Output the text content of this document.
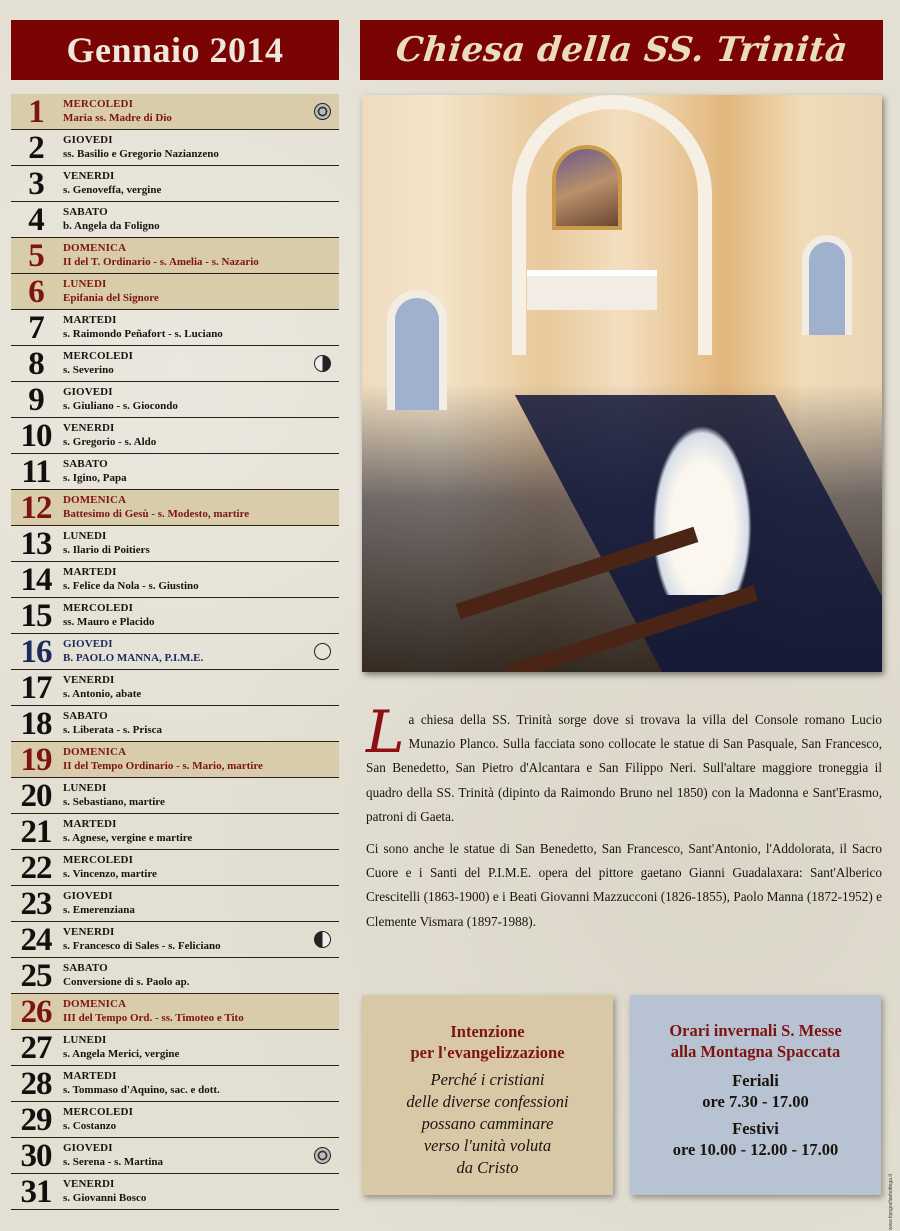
Gennaio 2014	Chiesa della SS. Trinità
1	MERCOLEDI
Maria ss. Madre di Dio
2	GIOVEDI
ss. Basilio e Gregorio Nazianzeno
3	VENERDI
s. Genoveffa, vergine
4	SABATO
b. Angela da Foligno
5	DOMENICA
II del T. Ordinario - s. Amelia - s. Nazario
6	LUNEDI
Epifania del Signore
7	MARTEDI
s. Raimondo Peñafort - s. Luciano
8	MERCOLEDI
s. Severino
9	GIOVEDI
s. Giuliano - s. Giocondo
10	VENERDI
s. Gregorio - s. Aldo
11	SABATO
s. Igino, Papa
12	DOMENICA
Battesimo di Gesù - s. Modesto, martire
13	LUNEDI
s. Ilario di Poitiers
14	MARTEDI
s. Felice da Nola - s. Giustino
15	MERCOLEDI
ss. Mauro e Placido
16	GIOVEDI
B. PAOLO MANNA, P.I.M.E.
17	VENERDI
s. Antonio, abate
18	SABATO
s. Liberata - s. Prisca
19	DOMENICA
II del Tempo Ordinario - s. Mario, martire
20	LUNEDI
s. Sebastiano, martire
21	MARTEDI
s. Agnese, vergine e martire
22	MERCOLEDI
s. Vincenzo, martire
23	GIOVEDI
s. Emerenziana
24	VENERDI
s. Francesco di Sales - s. Feliciano
25	SABATO
Conversione di s. Paolo ap.
26	DOMENICA
III del Tempo Ord. - ss. Timoteo e Tito
27	LUNEDI
s. Angela Merici, vergine
28	MARTEDI
s. Tommaso d'Aquino, sac. e dott.
29	MERCOLEDI
s. Costanzo
30	GIOVEDI
s. Serena - s. Martina
31	VENERDI
s. Giovanni Bosco

La chiesa della SS. Trinità sorge dove si trovava la villa del Console romano Lucio Munazio Planco. Sulla facciata sono collocate le statue di San Pasquale, San Francesco, San Benedetto, San Pietro d'Alcantara e San Filippo Neri. Sull'altare maggiore troneggia il quadro della SS. Trinità (dipinto da Raimondo Bruno nel 1850) con la Madonna e Sant'Erasmo, patroni di Gaeta.

Ci sono anche le statue di San Benedetto, San Francesco, Sant'Antonio, l'Addolorata, il Sacro Cuore e i Santi del P.I.M.E. opera del pittore gaetano Gianni Guadalaxara: Sant'Alberico Crescitelli (1863-1900) e i Beati Giovanni Mazzucconi (1826-1855), Paolo Manna (1872-1952) e Clemente Vismara (1897-1988).

Intenzione
per l'evangelizzazione
Perché i cristiani
delle diverse confessioni
possano camminare
verso l'unità voluta
da Cristo
Orari invernali S. Messe
alla Montagna Spaccata
Feriali
ore 7.30 - 17.00
Festivi
ore 10.00 - 12.00 - 17.00
www.tipografiaebottega.it
